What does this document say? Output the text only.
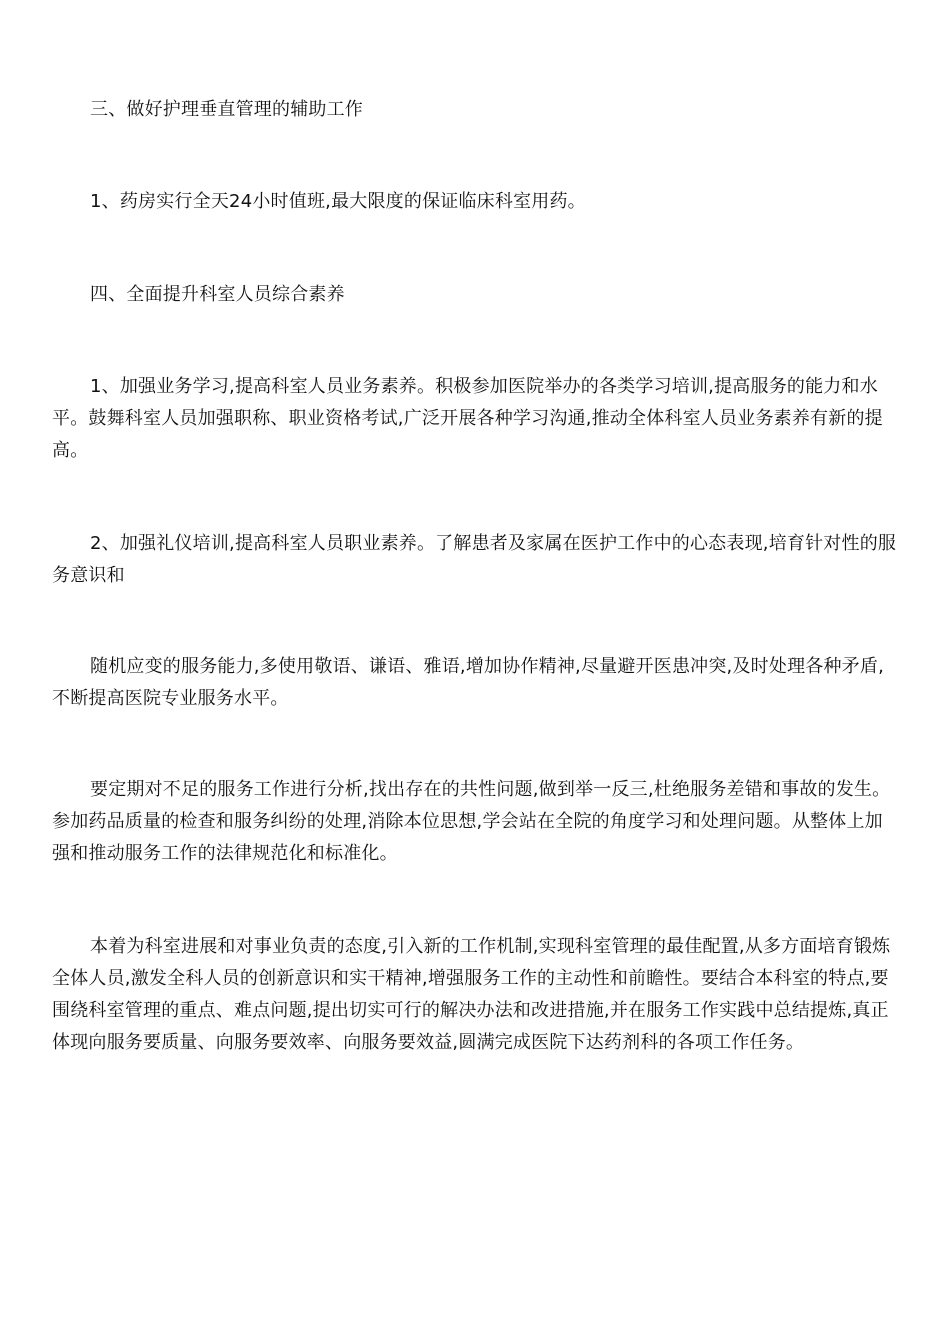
三、做好护理垂直管理的辅助工作

1、药房实行全天24小时值班,最大限度的保证临床科室用药。

四、全面提升科室人员综合素养

1、加强业务学习,提高科室人员业务素养。积极参加医院举办的各类学习培训,提高服务的能力和水平。鼓舞科室人员加强职称、职业资格考试,广泛开展各种学习沟通,推动全体科室人员业务素养有新的提高。

2、加强礼仪培训,提高科室人员职业素养。了解患者及家属在医护工作中的心态表现,培育针对性的服务意识和

随机应变的服务能力,多使用敬语、谦语、雅语,增加协作精神,尽量避开医患冲突,及时处理各种矛盾,不断提高医院专业服务水平。

要定期对不足的服务工作进行分析,找出存在的共性问题,做到举一反三,杜绝服务差错和事故的发生。参加药品质量的检查和服务纠纷的处理,消除本位思想,学会站在全院的角度学习和处理问题。从整体上加强和推动服务工作的法律规范化和标准化。

本着为科室进展和对事业负责的态度,引入新的工作机制,实现科室管理的最佳配置,从多方面培育锻炼全体人员,激发全科人员的创新意识和实干精神,增强服务工作的主动性和前瞻性。要结合本科室的特点,要围绕科室管理的重点、难点问题,提出切实可行的解决办法和改进措施,并在服务工作实践中总结提炼,真正体现向服务要质量、向服务要效率、向服务要效益,圆满完成医院下达药剂科的各项工作任务。
